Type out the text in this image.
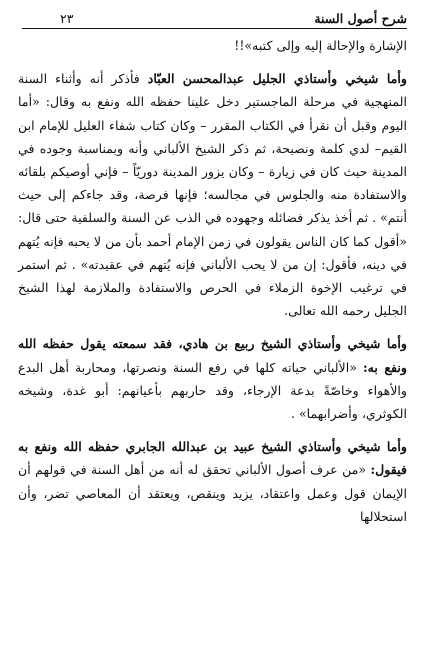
شرح أصول السنة
٢٣

الإشارة والإحالة إليه وإلى كتبه»!!

وأما شيخي وأستاذي الجليل عبدالمحسن العبّاد فأذكر أنه وأثناء السنة المنهجية في مرحلة الماجستير دخل علينا حفظه الله ونفع به وقال: «أما اليوم وقبل أن نقرأ في الكتاب المقرر – وكان كتاب شفاء العليل للإمام ابن القيم– لدي كلمة ونصيحة، ثم ذكر الشيخ الألباني وأنه وبمناسبة وجوده في المدينة حيث كان في زيارة – وكان يزور المدينة دوريّاً – فإني أوصيكم بلقائه والاستفادة منه والجلوس في مجالسه؛ فإنها فرصة، وقد جاءكم إلى حيث أنتم» . ثم أخذ يذكر فضائله وجهوده في الذب عن السنة والسلفية حتى قال: «أقول كما كان الناس يقولون في زمن الإمام أحمد بأن من لا يحبه فإنه يُتهم في دينه، فأقول: إن من لا يحب الألباني فإنه يُتهم في عقيدته» . ثم استمر في ترغيب الإخوة الزملاء في الحرص والاستفادة والملازمة لهذا الشيخ الجليل رحمه الله تعالى.

وأما شيخي وأستاذي الشيخ ربيع بن هادي، فقد سمعته يقول حفظه الله ونفع به: «الألباني حياته كلها في رفع السنة ونصرتها، ومحاربة أهل البدع والأهواء وخاصّةً بدعة الإرجاء، وقد حاربهم بأعيانهم: أبو غدة، وشيخه الكوثري، وأضرابهما» .

وأما شيخي وأستاذي الشيخ عبيد بن عبدالله الجابري حفظه الله ونفع به فيقول: «من عرف أصول الألباني تحقق له أنه من أهل السنة في قولهم أن الإيمان قول وعمل واعتقاد، يزيد وينقص، ويعتقد أن المعاصي تضر، وأن استحلالها
